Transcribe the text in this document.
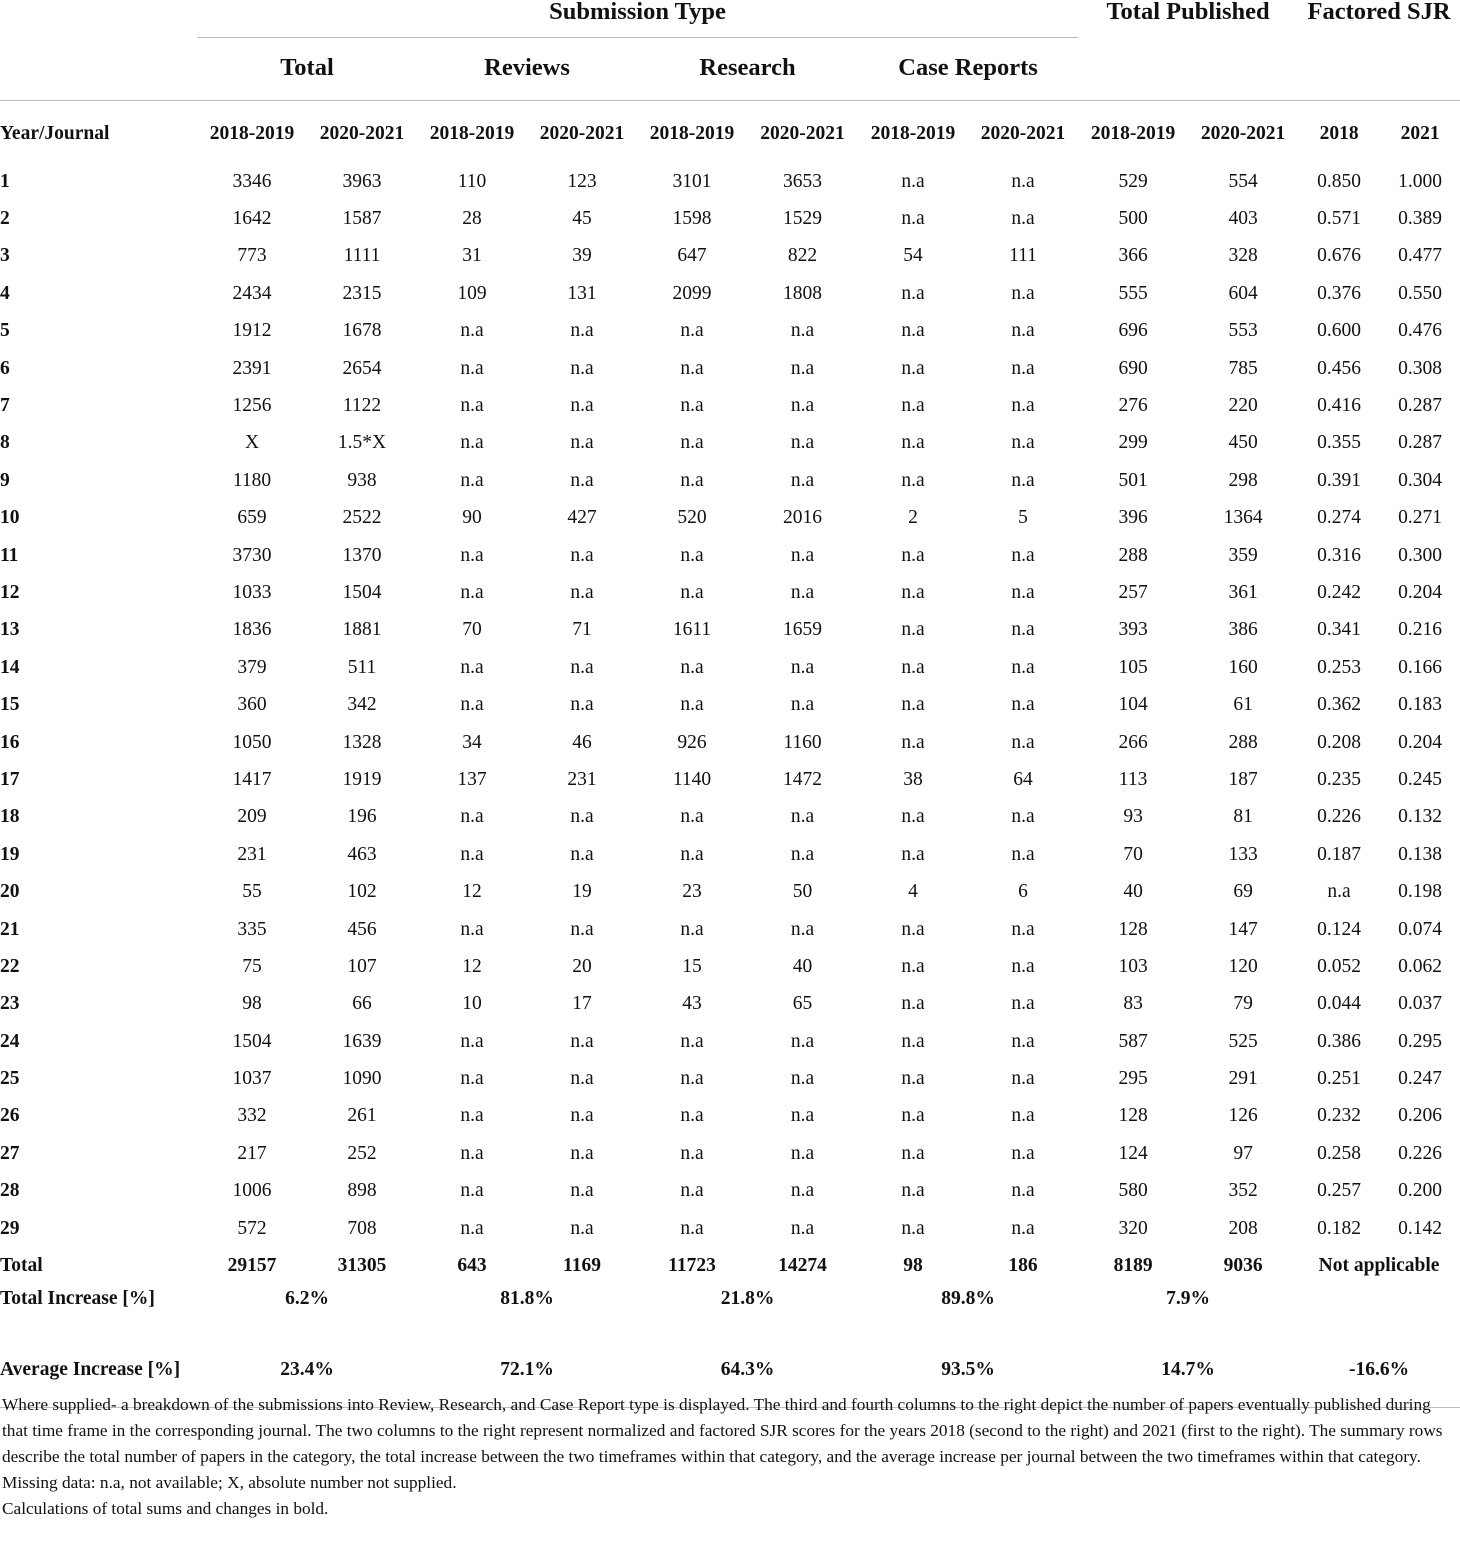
	Submission Type								Total Published		Factored SJR	
	Total		Reviews		Research		Case Reports					
Year/Journal	2018-2019	2020-2021	2018-2019	2020-2021	2018-2019	2020-2021	2018-2019	2020-2021	2018-2019	2020-2021	2018	2021
1	3346	3963	110	123	3101	3653	n.a	n.a	529	554	0.850	1.000
2	1642	1587	28	45	1598	1529	n.a	n.a	500	403	0.571	0.389
3	773	1111	31	39	647	822	54	111	366	328	0.676	0.477
4	2434	2315	109	131	2099	1808	n.a	n.a	555	604	0.376	0.550
5	1912	1678	n.a	n.a	n.a	n.a	n.a	n.a	696	553	0.600	0.476
6	2391	2654	n.a	n.a	n.a	n.a	n.a	n.a	690	785	0.456	0.308
7	1256	1122	n.a	n.a	n.a	n.a	n.a	n.a	276	220	0.416	0.287
8	X	1.5*X	n.a	n.a	n.a	n.a	n.a	n.a	299	450	0.355	0.287
9	1180	938	n.a	n.a	n.a	n.a	n.a	n.a	501	298	0.391	0.304
10	659	2522	90	427	520	2016	2	5	396	1364	0.274	0.271
11	3730	1370	n.a	n.a	n.a	n.a	n.a	n.a	288	359	0.316	0.300
12	1033	1504	n.a	n.a	n.a	n.a	n.a	n.a	257	361	0.242	0.204
13	1836	1881	70	71	1611	1659	n.a	n.a	393	386	0.341	0.216
14	379	511	n.a	n.a	n.a	n.a	n.a	n.a	105	160	0.253	0.166
15	360	342	n.a	n.a	n.a	n.a	n.a	n.a	104	61	0.362	0.183
16	1050	1328	34	46	926	1160	n.a	n.a	266	288	0.208	0.204
17	1417	1919	137	231	1140	1472	38	64	113	187	0.235	0.245
18	209	196	n.a	n.a	n.a	n.a	n.a	n.a	93	81	0.226	0.132
19	231	463	n.a	n.a	n.a	n.a	n.a	n.a	70	133	0.187	0.138
20	55	102	12	19	23	50	4	6	40	69	n.a	0.198
21	335	456	n.a	n.a	n.a	n.a	n.a	n.a	128	147	0.124	0.074
22	75	107	12	20	15	40	n.a	n.a	103	120	0.052	0.062
23	98	66	10	17	43	65	n.a	n.a	83	79	0.044	0.037
24	1504	1639	n.a	n.a	n.a	n.a	n.a	n.a	587	525	0.386	0.295
25	1037	1090	n.a	n.a	n.a	n.a	n.a	n.a	295	291	0.251	0.247
26	332	261	n.a	n.a	n.a	n.a	n.a	n.a	128	126	0.232	0.206
27	217	252	n.a	n.a	n.a	n.a	n.a	n.a	124	97	0.258	0.226
28	1006	898	n.a	n.a	n.a	n.a	n.a	n.a	580	352	0.257	0.200
29	572	708	n.a	n.a	n.a	n.a	n.a	n.a	320	208	0.182	0.142
Total	29157	31305	643	1169	11723	14274	98	186	8189	9036	Not applicable	
Total Increase [%]	6.2%		81.8%		21.8%		89.8%		7.9%			
Average Increase [%]	23.4%		72.1%		64.3%		93.5%		14.7%		-16.6%	

Where supplied- a breakdown of the submissions into Review, Research, and Case Report type is displayed. The third and fourth columns to the right depict the number of papers eventually published during that time frame in the corresponding journal. The two columns to the right represent normalized and factored SJR scores for the years 2018 (second to the right) and 2021 (first to the right). The summary rows describe the total number of papers in the category, the total increase between the two timeframes within that category, and the average increase per journal between the two timeframes within that category.

Missing data: n.a, not available; X, absolute number not supplied.

Calculations of total sums and changes in bold.
